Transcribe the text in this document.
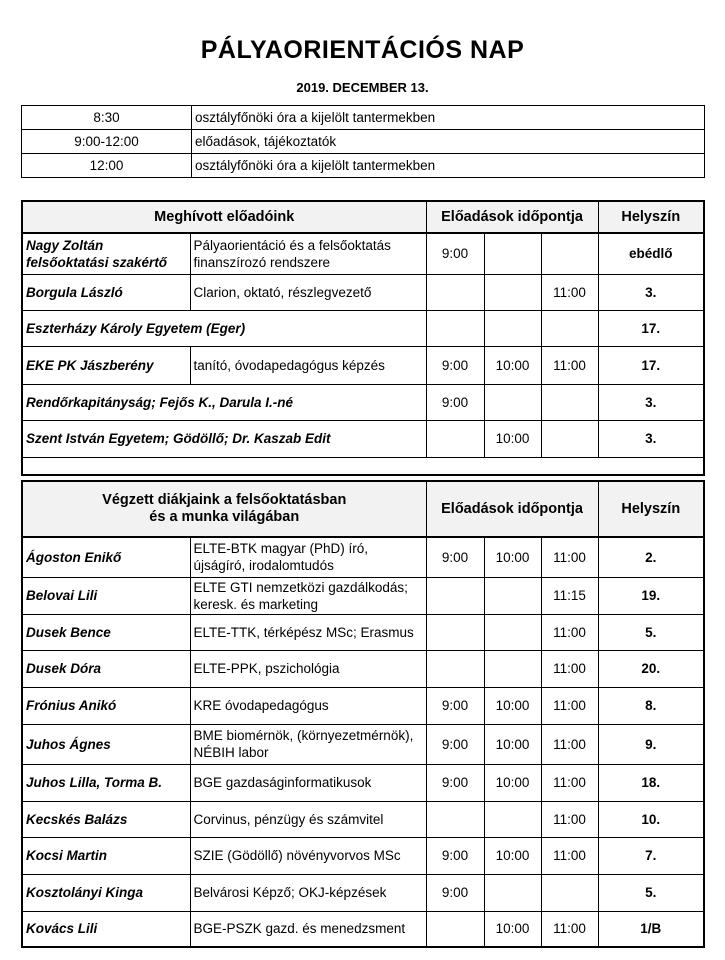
PÁLYAORIENTÁCIÓS NAP
2019. DECEMBER 13.
8:30	osztályfőnöki óra a kijelölt tantermekben
9:00-12:00	előadások, tájékoztatók
12:00	osztályfőnöki óra a kijelölt tantermekben
Meghívott előadóink		Előadások időpontja			Helyszín
Nagy Zoltán felsőoktatási szakértő	Pályaorientáció és a felsőoktatás finanszírozó rendszere	9:00			ebédlő
Borgula László	Clarion, oktató, részlegvezető			11:00	3.
Eszterházy Károly Egyetem (Eger)					17.
EKE PK Jászberény	tanító, óvodapedagógus képzés	9:00	10:00	11:00	17.
Rendőrkapitányság; Fejős K., Darula I.-né		9:00			3.
Szent István Egyetem; Gödöllő; Dr. Kaszab Edit			10:00		3.

Végzett diákjaink a felsőoktatásban
és a munka világában		Előadások időpontja			Helyszín
Ágoston Enikő	ELTE-BTK magyar (PhD) író, újságíró, irodalomtudós	9:00	10:00	11:00	2.
Belovai Lili	ELTE GTI nemzetközi gazdálkodás; keresk. és marketing			11:15	19.
Dusek Bence	ELTE-TTK, térképész MSc; Erasmus			11:00	5.
Dusek Dóra	ELTE-PPK, pszichológia			11:00	20.
Frónius Anikó	KRE óvodapedagógus	9:00	10:00	11:00	8.
Juhos Ágnes	BME biomérnök, (környezetmérnök), NÉBIH labor	9:00	10:00	11:00	9.
Juhos Lilla, Torma B.	BGE gazdaságinformatikusok	9:00	10:00	11:00	18.
Kecskés Balázs	Corvinus, pénzügy és számvitel			11:00	10.
Kocsi Martin	SZIE (Gödöllő) növényvorvos MSc	9:00	10:00	11:00	7.
Kosztolányi Kinga	Belvárosi Képző; OKJ-képzések	9:00			5.
Kovács Lili	BGE-PSZK gazd. és menedzsment		10:00	11:00	1/B
